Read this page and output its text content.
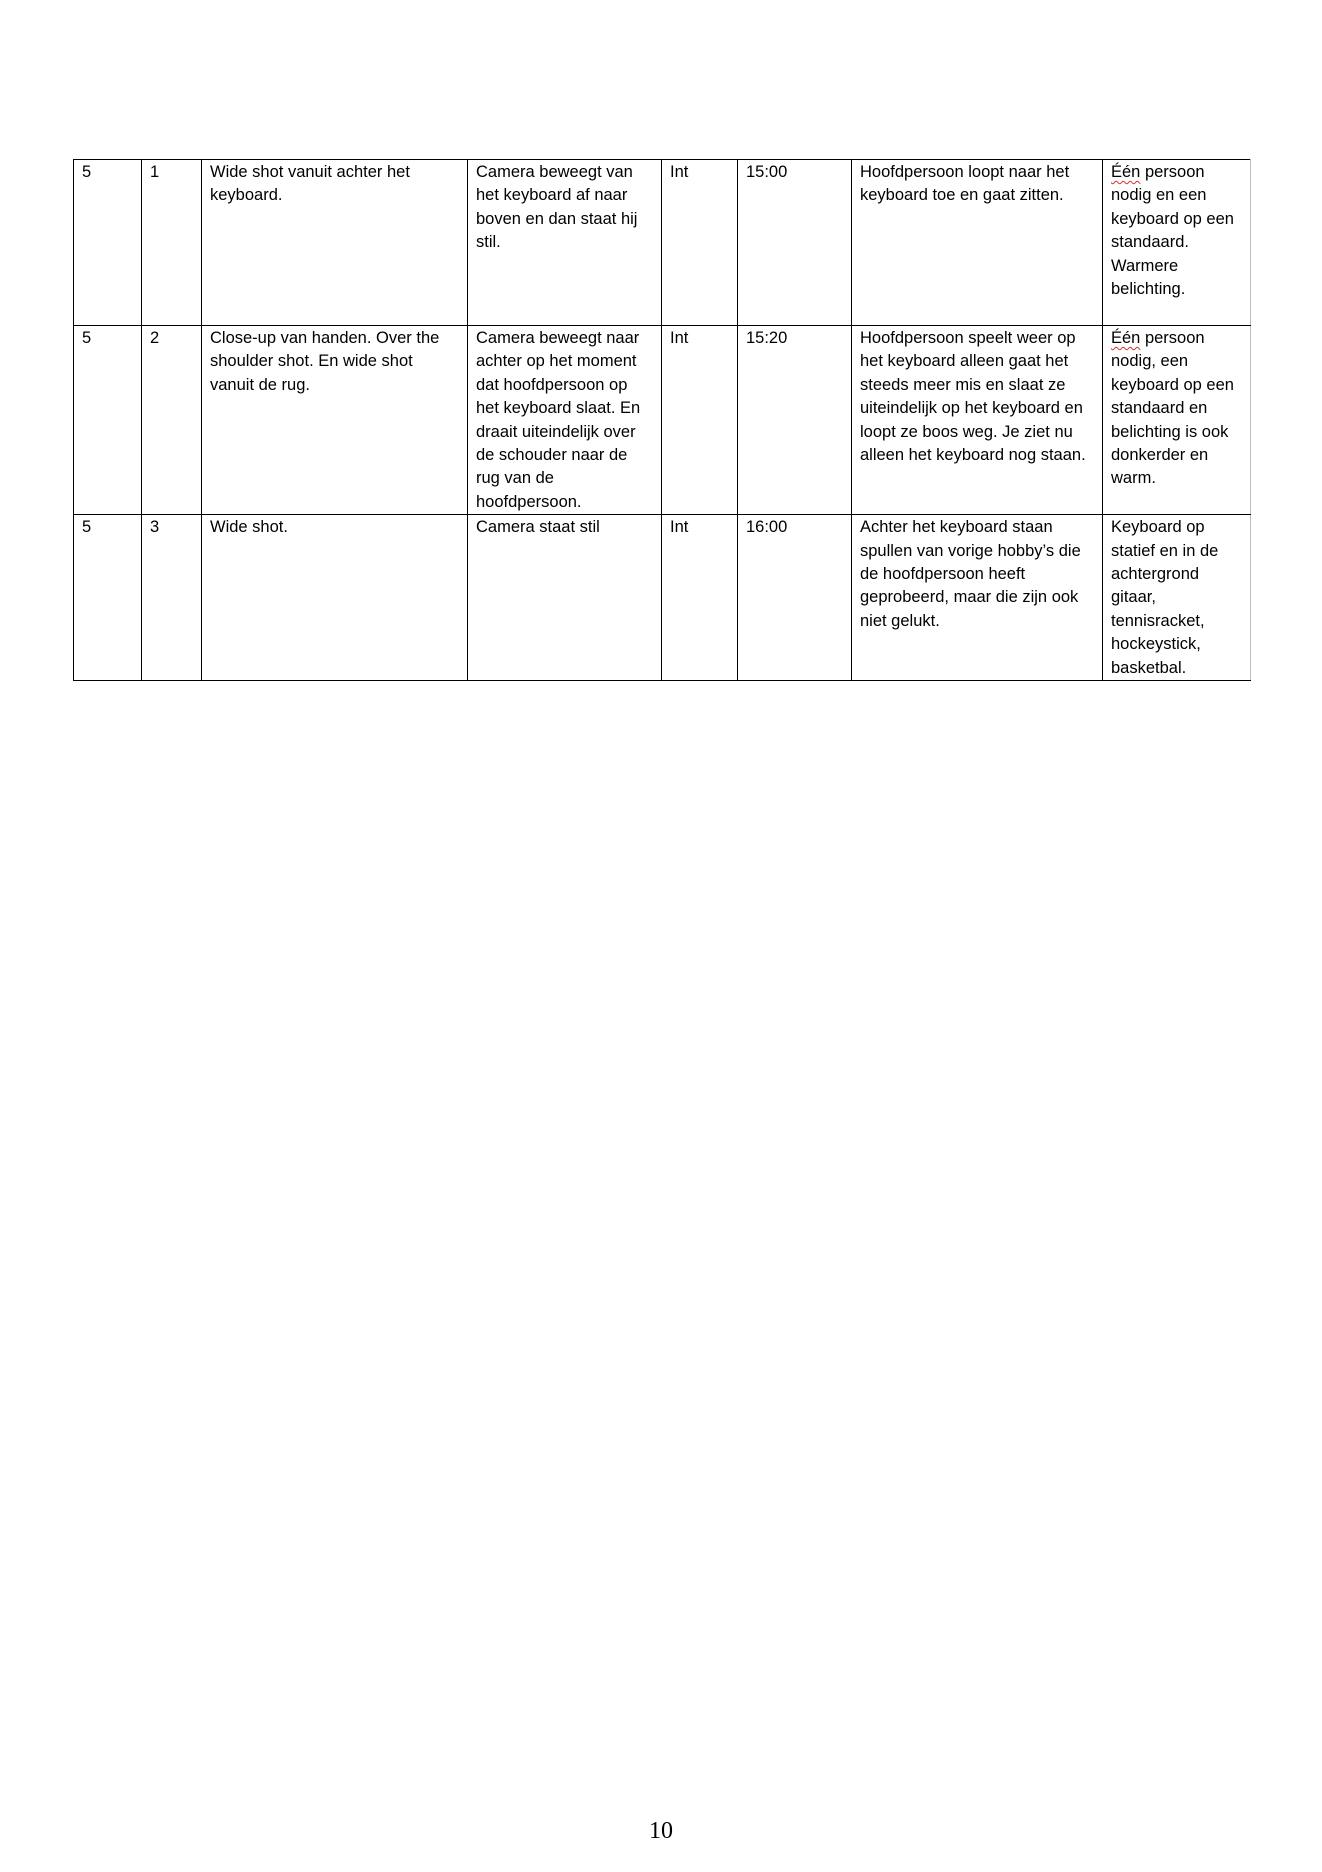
5	1	Wide shot vanuit achter het keyboard.	Camera beweegt van het keyboard af naar boven en dan staat hij stil.	Int	15:00	Hoofdpersoon loopt naar het keyboard toe en gaat zitten.	Één persoon nodig en een keyboard op een standaard. Warmere belichting.
5	2	Close-up van handen. Over the shoulder shot. En wide shot vanuit de rug.	Camera beweegt naar achter op het moment dat hoofdpersoon op het keyboard slaat. En draait uiteindelijk over de schouder naar de rug van de hoofdpersoon.	Int	15:20	Hoofdpersoon speelt weer op het keyboard alleen gaat het steeds meer mis en slaat ze uiteindelijk op het keyboard en loopt ze boos weg. Je ziet nu alleen het keyboard nog staan.	Één persoon nodig, een keyboard op een standaard en belichting is ook donkerder en warm.
5	3	Wide shot.	Camera staat stil	Int	16:00	Achter het keyboard staan spullen van vorige hobby’s die de hoofdpersoon heeft geprobeerd, maar die zijn ook niet gelukt.	Keyboard op statief en in de achtergrond gitaar, tennisracket, hockeystick, basketbal.
10
